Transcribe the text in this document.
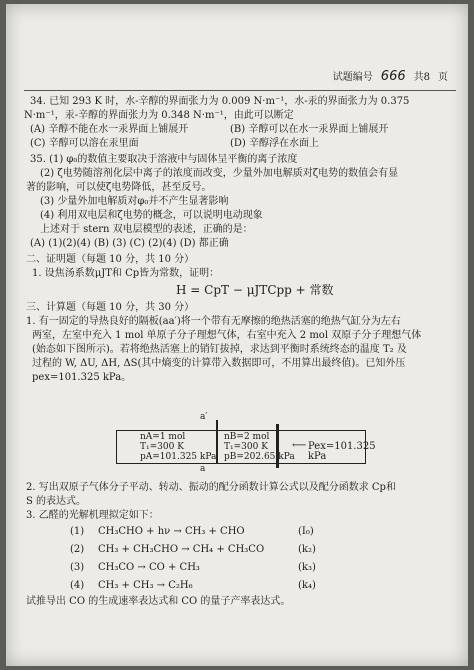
试题编号 666 共8 页
34. 已知 293 K 时，水-辛醇的界面张力为 0.009 N·m⁻¹，水-汞的界面张力为 0.375
N·m⁻¹，汞-辛醇的界面张力为 0.348 N·m⁻¹，由此可以断定
(A) 辛醇不能在水一汞界面上铺展开	(B) 辛醇可以在水一汞界面上铺展开
(C) 辛醇可以溶在汞里面	(D) 辛醇浮在水面上
35. (1) φ₀的数值主要取决于溶液中与固体呈平衡的离子浓度
(2) ζ电势随溶剂化层中离子的浓度而改变，少量外加电解质对ζ电势的数值会有显
著的影响，可以使ζ电势降低，甚至反号。
(3) 少量外加电解质对φ₀并不产生显著影响
(4) 利用双电层和ζ电势的概念，可以说明电动现象
上述对于 stern 双电层模型的表述，正确的是：
(A) (1)(2)(4) (B) (3) (C) (2)(4) (D) 都正确
二、证明题（每题 10 分，共 10 分）
1. 设焦汤系数μJT和 Cp皆为常数，证明：
H = CpT − μJTCpp + 常数
三、计算题（每题 10 分，共 30 分）
1. 有一固定的导热良好的隔板(aa′)将一个带有无摩擦的绝热活塞的绝热气缸分为左右
两室，左室中充入 1 mol 单原子分子理想气体，右室中充入 2 mol 双原子分子理想气体
(始态如下图所示)。若将绝热活塞上的销钉拔掉，求达到平衡时系统终态的温度 T₂ 及
过程的 W, ΔU, ΔH, ΔS(其中熵变的计算带入数据即可，不用算出最终值)。已知外压
pex=101.325 kPa。
a′
nA=1 mol
T₁=300 K
pA=101.325 kPa
nB=2 mol
T₁=300 K
pB=202.65 kPa
⟵ Pex=101.325 kPa
a
2. 写出双原子气体分子平动、转动、振动的配分函数计算公式以及配分函数求 Cp和
S 的表达式。
3. 乙醛的光解机理拟定如下：
(1)	CH₃CHO + hν → CH₃ + CHO	(I₀)
(2)	CH₃ + CH₃CHO → CH₄ + CH₃CO	(k₂)
(3)	CH₃CO → CO + CH₃	(k₃)
(4)	CH₃ + CH₃ → C₂H₆	(k₄)
试推导出 CO 的生成速率表达式和 CO 的量子产率表达式。
